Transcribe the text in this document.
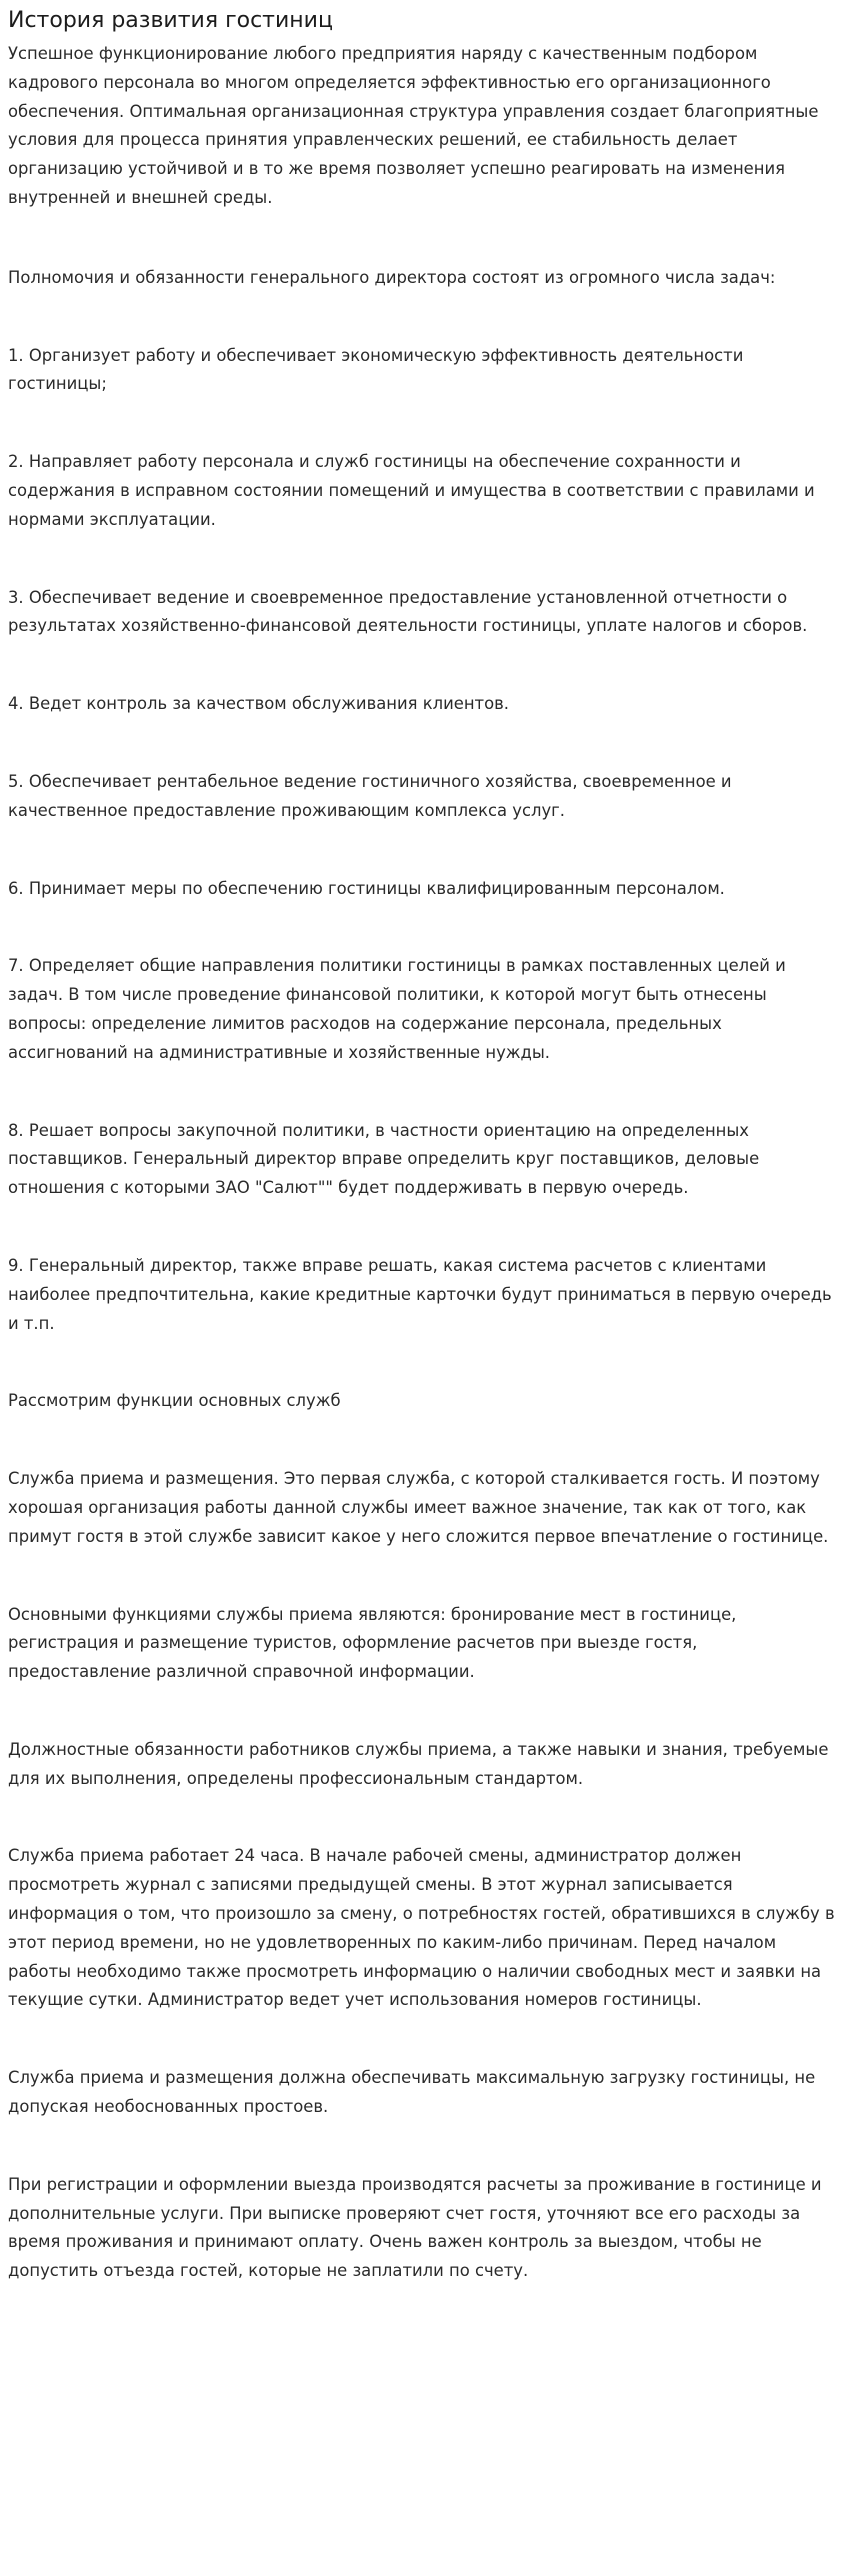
История развития гостиниц

Успешное функционирование любого предприятия наряду с качественным подбором кадрового персонала во многом определяется эффективностью его организационного обеспечения. Оптимальная организационная структура управления создает благоприятные условия для процесса принятия управленческих решений, ее стабильность делает организацию устойчивой и в то же время позволяет успешно реагировать на изменения внутренней и внешней среды.

Полномочия и обязанности генерального директора состоят из огромного числа задач:

1. Организует работу и обеспечивает экономическую эффективность деятельности гостиницы;

2. Направляет работу персонала и служб гостиницы на обеспечение сохранности и содержания в исправном состоянии помещений и имущества в соответствии с правилами и нормами эксплуатации.

3. Обеспечивает ведение и своевременное предоставление установленной отчетности о результатах хозяйственно-финансовой деятельности гостиницы, уплате налогов и сборов.

4. Ведет контроль за качеством обслуживания клиентов.

5. Обеспечивает рентабельное ведение гостиничного хозяйства, своевременное и качественное предоставление проживающим комплекса услуг.

6. Принимает меры по обеспечению гостиницы квалифицированным персоналом.

7. Определяет общие направления политики гостиницы в рамках поставленных целей и задач. В том числе проведение финансовой политики, к которой могут быть отнесены вопросы: определение лимитов расходов на содержание персонала, предельных ассигнований на административные и хозяйственные нужды.

8. Решает вопросы закупочной политики, в частности ориентацию на определенных поставщиков. Генеральный директор вправе определить круг поставщиков, деловые отношения с которыми ЗАО "Салют"" будет поддерживать в первую очередь.

9. Генеральный директор, также вправе решать, какая система расчетов с клиентами наиболее предпочтительна, какие кредитные карточки будут приниматься в первую очередь и т.п.

Рассмотрим функции основных служб

Служба приема и размещения. Это первая служба, с которой сталкивается гость. И поэтому хорошая организация работы данной службы имеет важное значение, так как от того, как примут гостя в этой службе зависит какое у него сложится первое впечатление о гостинице.

Основными функциями службы приема являются: бронирование мест в гостинице, регистрация и размещение туристов, оформление расчетов при выезде гостя, предоставление различной справочной информации.

Должностные обязанности работников службы приема, а также навыки и знания, требуемые для их выполнения, определены профессиональным стандартом.

Служба приема работает 24 часа. В начале рабочей смены, администратор должен просмотреть журнал с записями предыдущей смены. В этот журнал записывается информация о том, что произошло за смену, о потребностях гостей, обратившихся в службу в этот период времени, но не удовлетворенных по каким-либо причинам. Перед началом работы необходимо также просмотреть информацию о наличии свободных мест и заявки на текущие сутки. Администратор ведет учет использования номеров гостиницы.

Служба приема и размещения должна обеспечивать максимальную загрузку гостиницы, не допуская необоснованных простоев.

При регистрации и оформлении выезда производятся расчеты за проживание в гостинице и дополнительные услуги. При выписке проверяют счет гостя, уточняют все его расходы за время проживания и принимают оплату. Очень важен контроль за выездом, чтобы не допустить отъезда гостей, которые не заплатили по счету.
